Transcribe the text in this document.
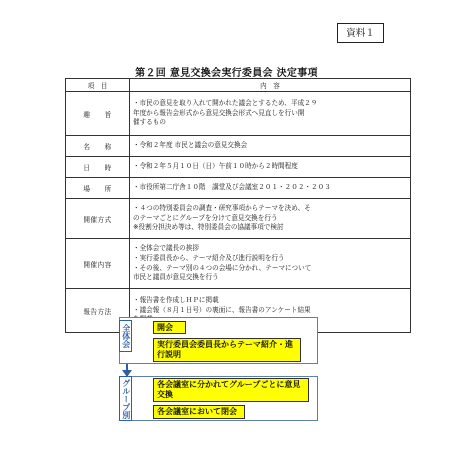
資料１
第２回 意見交換会実行委員会 決定事項
項　目	内　容
趣　　旨	・市民の意見を取り入れて開かれた議会とするため、平成２９
年度から報告会形式から意見交換会形式へ見直しを行い開
催するもの

名　　称	・令和２年度 市民と議会の意見交換会

日　　時	・令和２年５月１０日（日）午前１０時から２時間程度

場　　所	・市役所第二庁舎１０階　講堂及び会議室２０１・２０２・２０３

開催方式	・４つの特別委員会の調査・研究事項からテーマを決め、そ
のテーマごとにグループを分けて意見交換を行う
※役割分担決め等は、特別委員会の協議事項で検討

開催内容	・全体会で議長の挨拶
・実行委員長から、テーマ紹介及び進行説明を行う
・その後、テーマ別の４つの会場に分かれ、テーマについて
市民と議員が意見交換を行う

報告方法	・報告書を作成しＨＰに掲載
・議会報（８月１日号）の裏面に、報告書のアンケート結果
全体会	開会
実行委員会委員長からテーマ紹介・進行説明
グループ別	各会議室に分かれてグループごとに意見交換
各会議室において閉会
